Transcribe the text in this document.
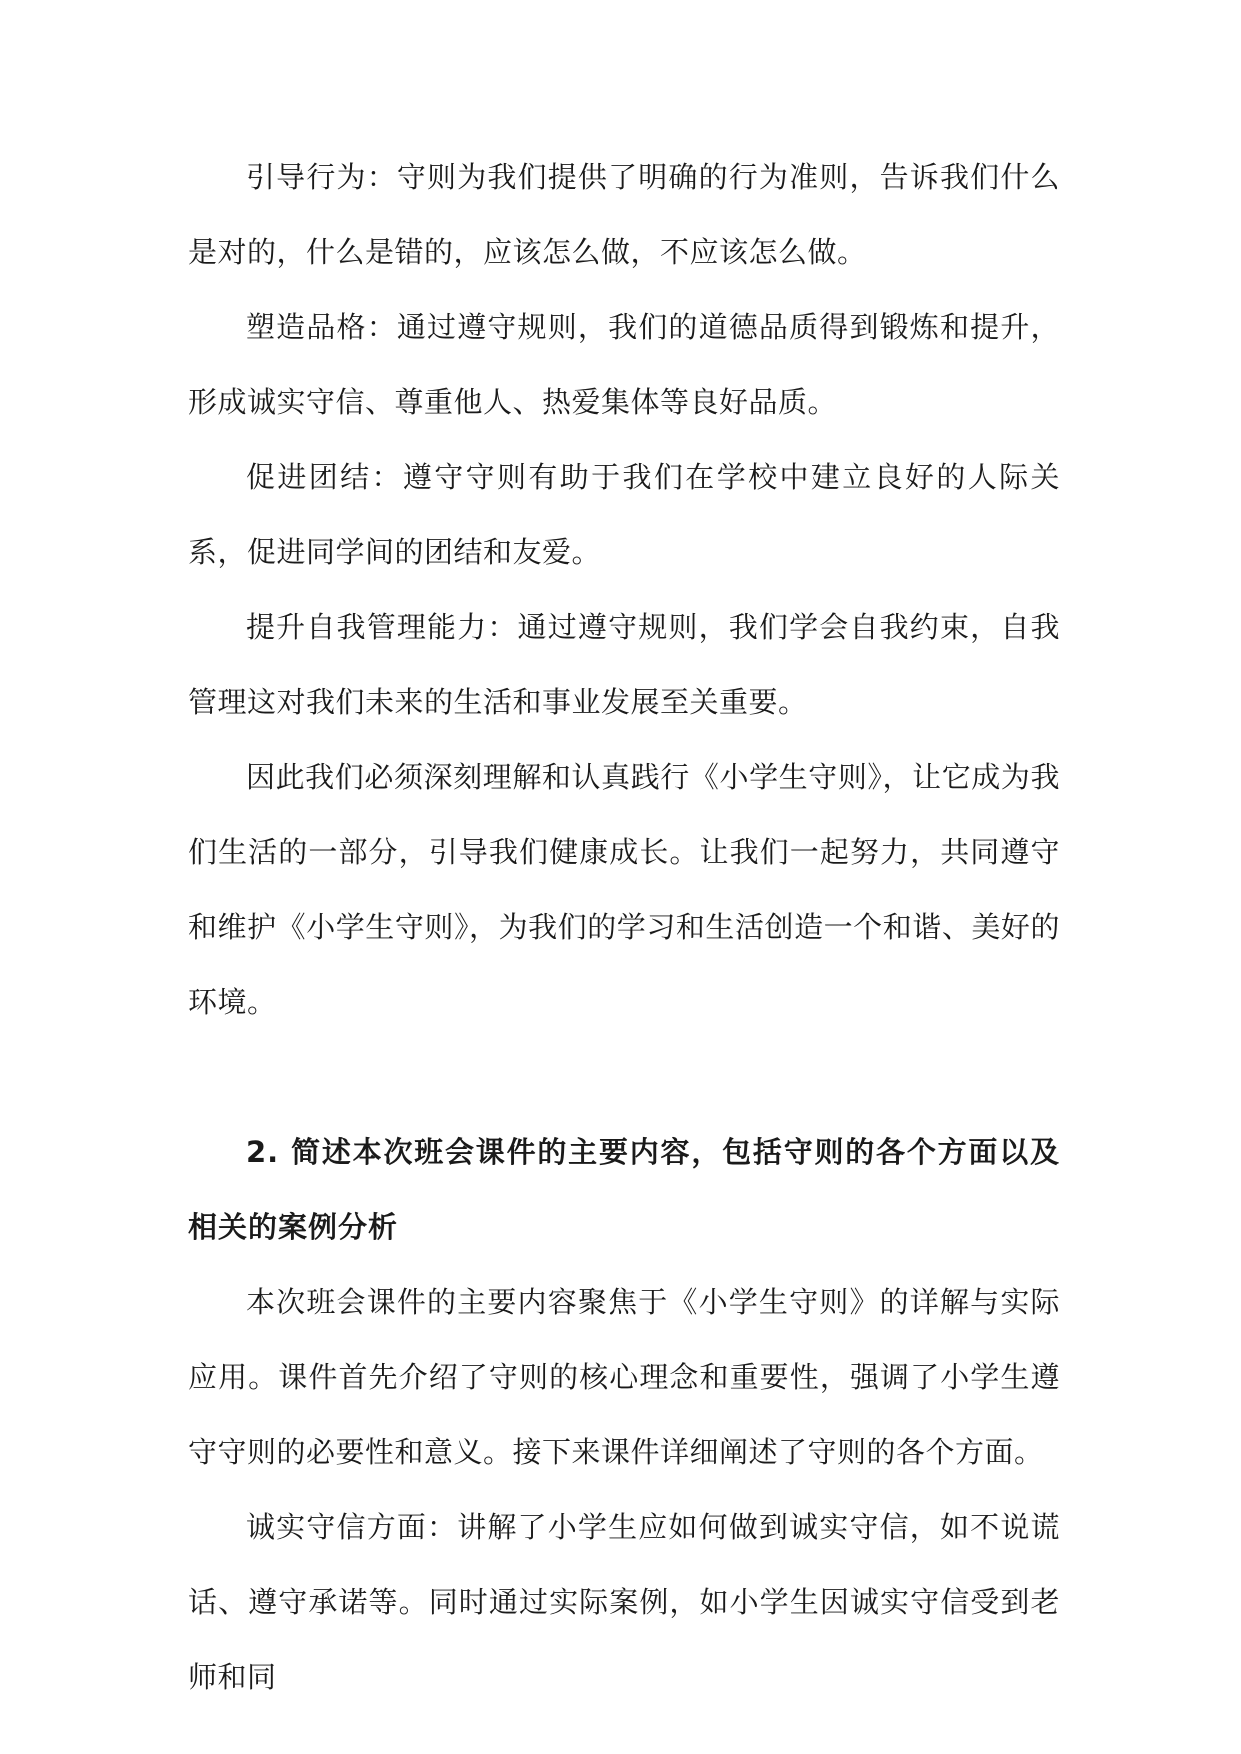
引导行为：守则为我们提供了明确的行为准则，告诉我们什么是对的，什么是错的，应该怎么做，不应该怎么做。

塑造品格：通过遵守规则，我们的道德品质得到锻炼和提升，形成诚实守信、尊重他人、热爱集体等良好品质。

促进团结：遵守守则有助于我们在学校中建立良好的人际关系，促进同学间的团结和友爱。

提升自我管理能力：通过遵守规则，我们学会自我约束，自我管理这对我们未来的生活和事业发展至关重要。

因此我们必须深刻理解和认真践行《小学生守则》，让它成为我们生活的一部分，引导我们健康成长。让我们一起努力，共同遵守和维护《小学生守则》，为我们的学习和生活创造一个和谐、美好的环境。

2. 简述本次班会课件的主要内容，包括守则的各个方面以及相关的案例分析

本次班会课件的主要内容聚焦于《小学生守则》的详解与实际应用。课件首先介绍了守则的核心理念和重要性，强调了小学生遵守守则的必要性和意义。接下来课件详细阐述了守则的各个方面。

诚实守信方面：讲解了小学生应如何做到诚实守信，如不说谎话、遵守承诺等。同时通过实际案例，如小学生因诚实守信受到老师和同
